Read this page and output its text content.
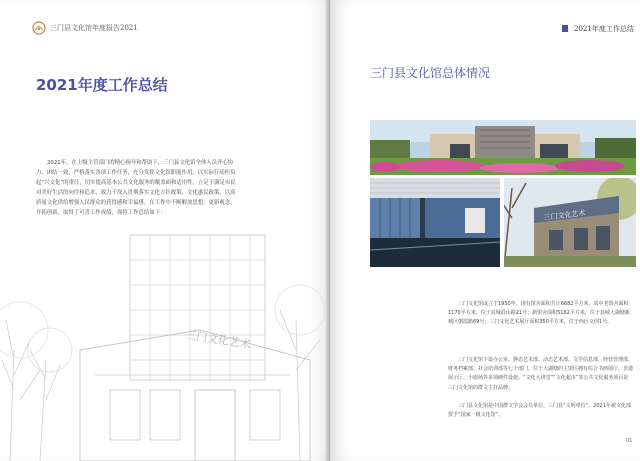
三门县文化馆年度报告2021
2021年度工作总结
2021年，在上级主管部门的精心指导和帮助下，三门县文化馆全体人员齐心协力、团结一致，严格落实各项工作任务，充分发挥文化馆职能作用，以实际行动担负起“兴文化”的重任，切实提高基本公共文化服务的覆盖面和适用性，立足于满足市民对美好生活的向往和追求，致力于深入贯彻落实文化方针政策、文化惠民政策，以高质量文化供给增强人民群众的获得感和幸福感，在工作中不断解放思想，更新观念，开拓创新，取得了可喜工作成绩，现将工作总结如下：
三门文化艺术
2021年度工作总结
三门县文化馆总体情况
三门文化艺术
三门文化馆成立于1950年，现有馆舍面积共计6682平方米，其中老馆舍面积1170平方米，位于县城沿山路21号；新馆舍面积5162平方米，位于县城大湖塘新城区朝霞路69号；三门文化艺术展厅面积350平方米，位于西区文创1号。
三门文化馆下设办公室、静态艺术部、动态艺术部、文学信息部、经营管理部、财务档案部、社会培训部等七个部门，位于大湖塘的主馆区拥有综合书画展厅、非遗展示厅、小剧场等多项硬件设施。“文化大讲堂”“文化超市”等公共文化服务项目是三门文化馆的群文主打品牌。
三门县文化馆是中国群文学会会员单位、三门县“文明单位”，2021年被文化部授予“国家一级文化馆”。
01
